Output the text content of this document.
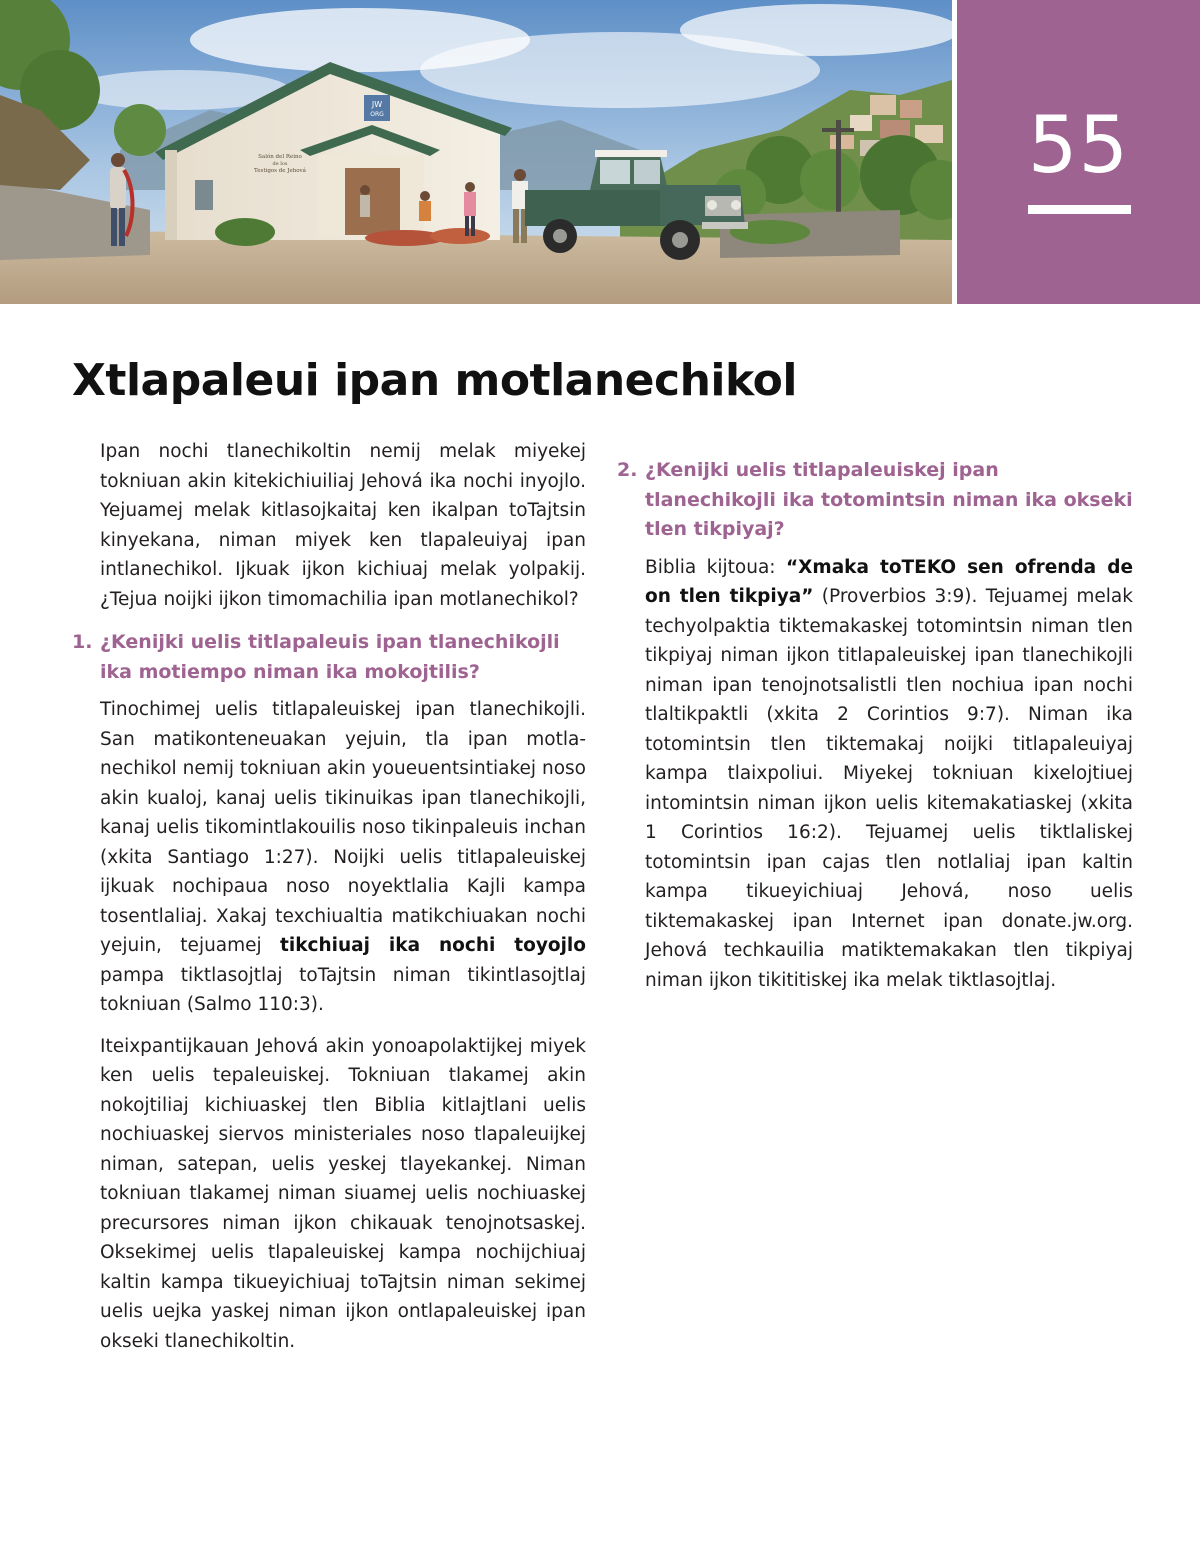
JW
ORG
Salón del Reino
de los
Testigos de Jehová	55
Xtlapaleui ipan motlanechikol

Ipan nochi tlanechikoltin nemij melak miyekej tokniuan akin kitekichiuiliaj Jehová ika nochi inyojlo. Yejuamej melak kitlasojkaitaj ken ikalpan toTajtsin kinyekana, niman miyek ken tlapaleuiyaj ipan intlanechikol. Ijkuak ijkon kichiuaj melak yolpakij. ¿Tejua noijki ijkon timomachilia ipan motlanechikol?

1. ¿Kenijki uelis titlapaleuis ipan tlanechikojli ika motiempo niman ika mokojtilis?

Tinochimej uelis titlapaleuiskej ipan tlanechikojli. San matikonteneuakan yejuin, tla ipan motlanechikol nemij tokniuan akin youeuentsintiakej noso akin kualoj, kanaj uelis tikinuikas ipan tlanechikojli, kanaj uelis tikomintlakouilis noso tikinpaleuis inchan (xkita Santiago 1:27). Noijki uelis titlapaleuiskej ijkuak nochipaua noso noyektlalia Kajli kampa tosentlaliaj. Xakaj texchiualtia matikchiuakan nochi yejuin, tejuamej tikchiuaj ika nochi toyojlo pampa tiktlasojtlaj toTajtsin niman tikintlasojtlaj tokniuan (Salmo 110:3).

Iteixpantijkauan Jehová akin yonoapolaktijkej miyek ken uelis tepaleuiskej. Tokniuan tlakamej akin nokojtiliaj kichiuaskej tlen Biblia kitlajtlani uelis nochiuaskej siervos ministeriales noso tlapaleuijkej niman, satepan, uelis yeskej tlayekankej. Niman tokniuan tlakamej niman siuamej uelis nochiuaskej precursores niman ijkon chikauak tenojnotsaskej. Oksekimej uelis tlapaleuiskej kampa nochijchiuaj kaltin kampa tikueyichiuaj toTajtsin niman sekimej uelis uejka yaskej niman ijkon ontlapaleuiskej ipan okseki tlanechikoltin.

2. ¿Kenijki uelis titlapaleuiskej ipan tlanechikojli ika totomintsin niman ika okseki tlen tikpiyaj?

Biblia kijtoua: “Xmaka toTEKO sen ofrenda de on tlen tikpiya” (Proverbios 3:9). Tejuamej melak techyolpaktia tiktemakaskej totomintsin niman tlen tikpiyaj niman ijkon titlapaleuiskej ipan tlanechikojli niman ipan tenojnotsalistli tlen nochiua ipan nochi tlaltikpaktli (xkita 2 Corintios 9:7). Niman ika totomintsin tlen tiktemakaj noijki titlapaleuiyaj kampa tlaixpoliui. Miyekej tokniuan kixelojtiuej intomintsin niman ijkon uelis kitemakatiaskej (xkita 1 Corintios 16:2). Tejuamej uelis tiktlaliskej totomintsin ipan cajas tlen notlaliaj ipan kaltin kampa tikueyichiuaj Jehová, noso uelis tiktemakaskej ipan Internet ipan donate.jw.org. Jehová techkauilia matiktemakakan tlen tikpiyaj niman ijkon tikititiskej ika melak tiktlasojtlaj.
